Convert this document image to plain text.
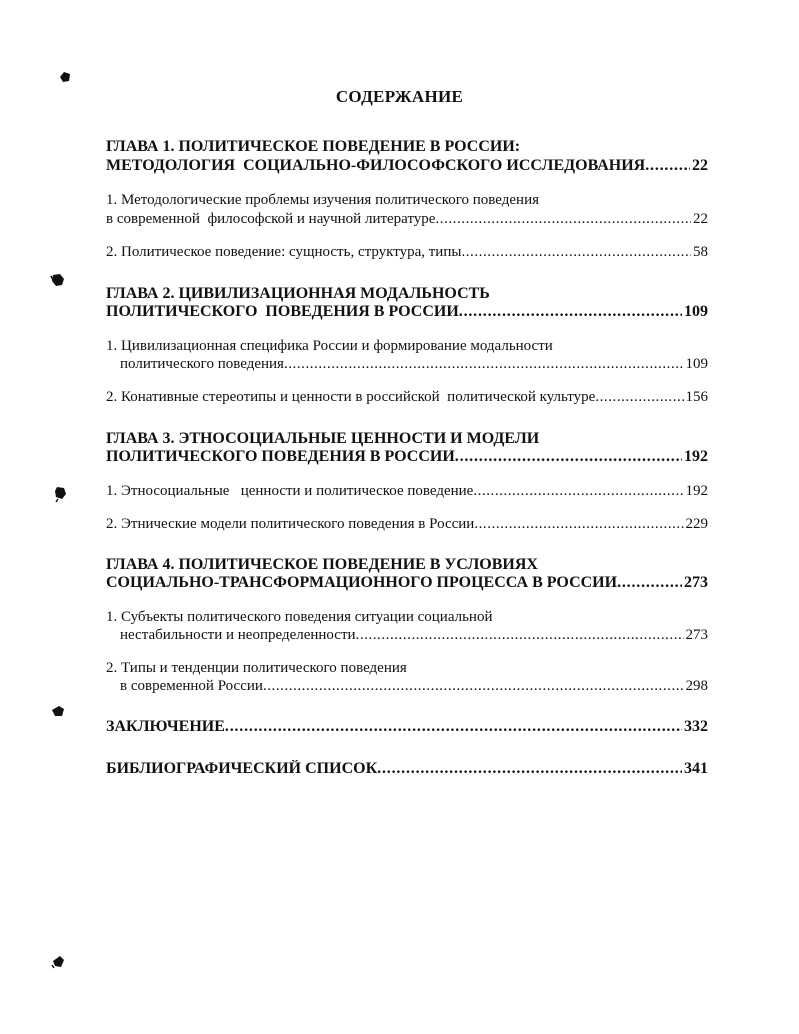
СОДЕРЖАНИЕ
ГЛАВА 1. ПОЛИТИЧЕСКОЕ ПОВЕДЕНИЕ В РОССИИ:
МЕТОДОЛОГИЯ  СОЦИАЛЬНО-ФИЛОСОФСКОГО ИССЛЕДОВАНИЯ . . .	22
1. Методологические проблемы изучения политического поведения
в современной  философской и научной литературе . . .	22
2. Политическое поведение: сущность, структура, типы . . .	58
ГЛАВА 2. ЦИВИЛИЗАЦИОННАЯ МОДАЛЬНОСТЬ
ПОЛИТИЧЕСКОГО  ПОВЕДЕНИЯ В РОССИИ . . .	109
1. Цивилизационная специфика России и формирование модальности
политического поведения . . .	109
2. Конативные стереотипы и ценности в российской  политической культуре . . .	156
ГЛАВА 3. ЭТНОСОЦИАЛЬНЫЕ ЦЕННОСТИ И МОДЕЛИ
ПОЛИТИЧЕСКОГО ПОВЕДЕНИЯ В РОССИИ . . .	192
1. Этносоциальные   ценности и политическое поведение . . .	192
2. Этнические модели политического поведения в России . . .	229
ГЛАВА 4. ПОЛИТИЧЕСКОЕ ПОВЕДЕНИЕ В УСЛОВИЯХ
СОЦИАЛЬНО-ТРАНСФОРМАЦИОННОГО ПРОЦЕССА В РОССИИ . . .	273
1. Субъекты политического поведения ситуации социальной
нестабильности и неопределенности . . .	273
2. Типы и тенденции политического поведения
в современной России . . .	298
ЗАКЛЮЧЕНИЕ . . .	332
БИБЛИОГРАФИЧЕСКИЙ СПИСОК . . .	341
